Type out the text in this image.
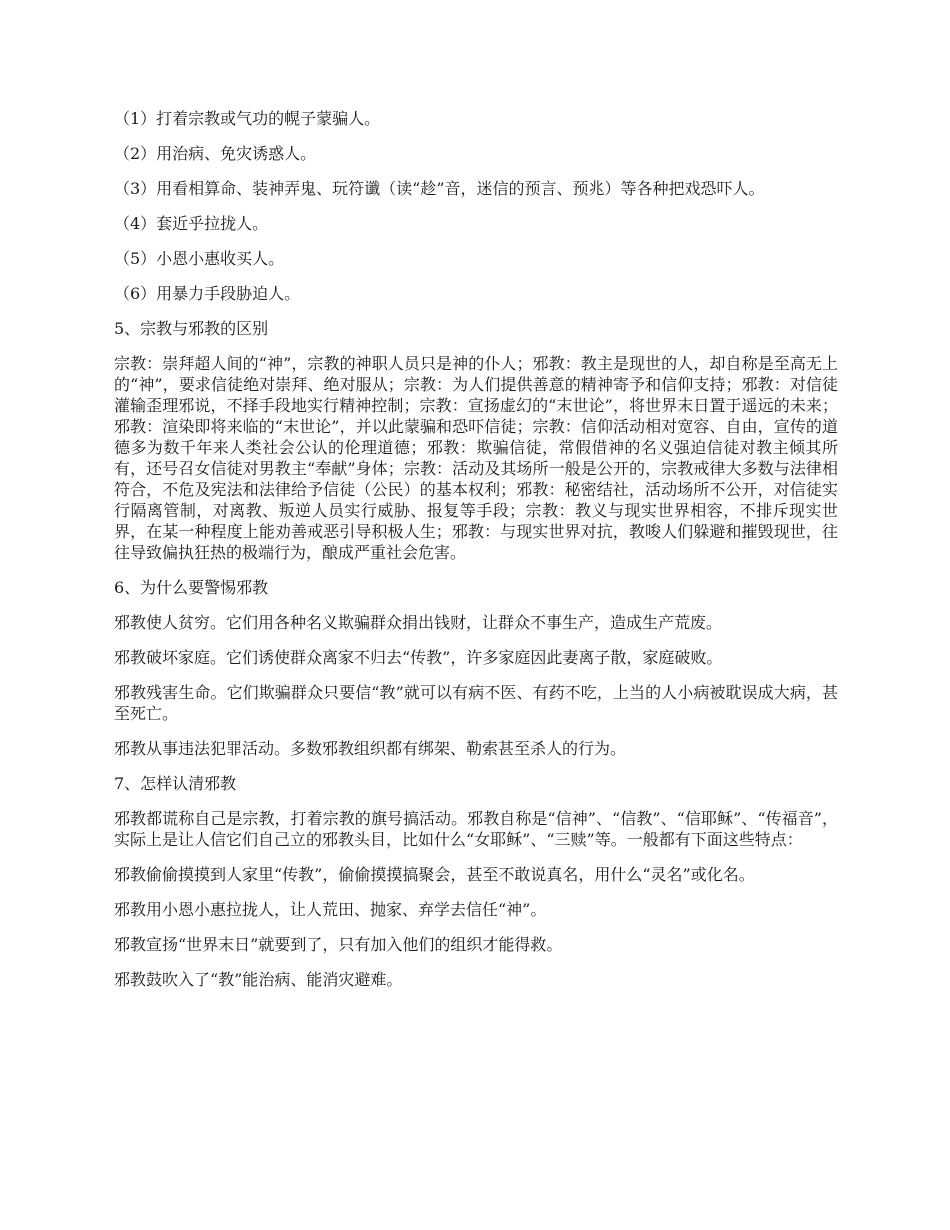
（1）打着宗教或气功的幌子蒙骗人。

（2）用治病、免灾诱惑人。

（3）用看相算命、装神弄鬼、玩符谶（读“趁”音，迷信的预言、预兆）等各种把戏恐吓人。

（4）套近乎拉拢人。

（5）小恩小惠收买人。

（6）用暴力手段胁迫人。

5、宗教与邪教的区别

宗教：崇拜超人间的“神”，宗教的神职人员只是神的仆人；邪教：教主是现世的人，却自称是至高无上的“神”，要求信徒绝对崇拜、绝对服从；宗教：为人们提供善意的精神寄予和信仰支持；邪教：对信徒灌输歪理邪说，不择手段地实行精神控制；宗教：宣扬虚幻的“末世论”，将世界末日置于遥远的未来；邪教：渲染即将来临的“末世论”，并以此蒙骗和恐吓信徒；宗教：信仰活动相对宽容、自由，宣传的道德多为数千年来人类社会公认的伦理道德；邪教：欺骗信徒，常假借神的名义强迫信徒对教主倾其所有，还号召女信徒对男教主“奉献”身体；宗教：活动及其场所一般是公开的，宗教戒律大多数与法律相符合，不危及宪法和法律给予信徒（公民）的基本权利；邪教：秘密结社，活动场所不公开，对信徒实行隔离管制，对离教、叛逆人员实行威胁、报复等手段；宗教：教义与现实世界相容，不排斥现实世界，在某一种程度上能劝善戒恶引导积极人生；邪教：与现实世界对抗，教唆人们躲避和摧毁现世，往往导致偏执狂热的极端行为，酿成严重社会危害。

6、为什么要警惕邪教

邪教使人贫穷。它们用各种名义欺骗群众捐出钱财，让群众不事生产，造成生产荒废。

邪教破坏家庭。它们诱使群众离家不归去“传教”，许多家庭因此妻离子散，家庭破败。

邪教残害生命。它们欺骗群众只要信“教”就可以有病不医、有药不吃，上当的人小病被耽误成大病，甚至死亡。

邪教从事违法犯罪活动。多数邪教组织都有绑架、勒索甚至杀人的行为。

7、怎样认清邪教

邪教都谎称自己是宗教，打着宗教的旗号搞活动。邪教自称是“信神”、“信教”、“信耶稣”、“传福音”，实际上是让人信它们自己立的邪教头目，比如什么“女耶稣”、“三赎”等。一般都有下面这些特点：

邪教偷偷摸摸到人家里“传教”，偷偷摸摸搞聚会，甚至不敢说真名，用什么“灵名”或化名。

邪教用小恩小惠拉拢人，让人荒田、抛家、弃学去信任“神”。

邪教宣扬“世界末日”就要到了，只有加入他们的组织才能得救。

邪教鼓吹入了“教”能治病、能消灾避难。
